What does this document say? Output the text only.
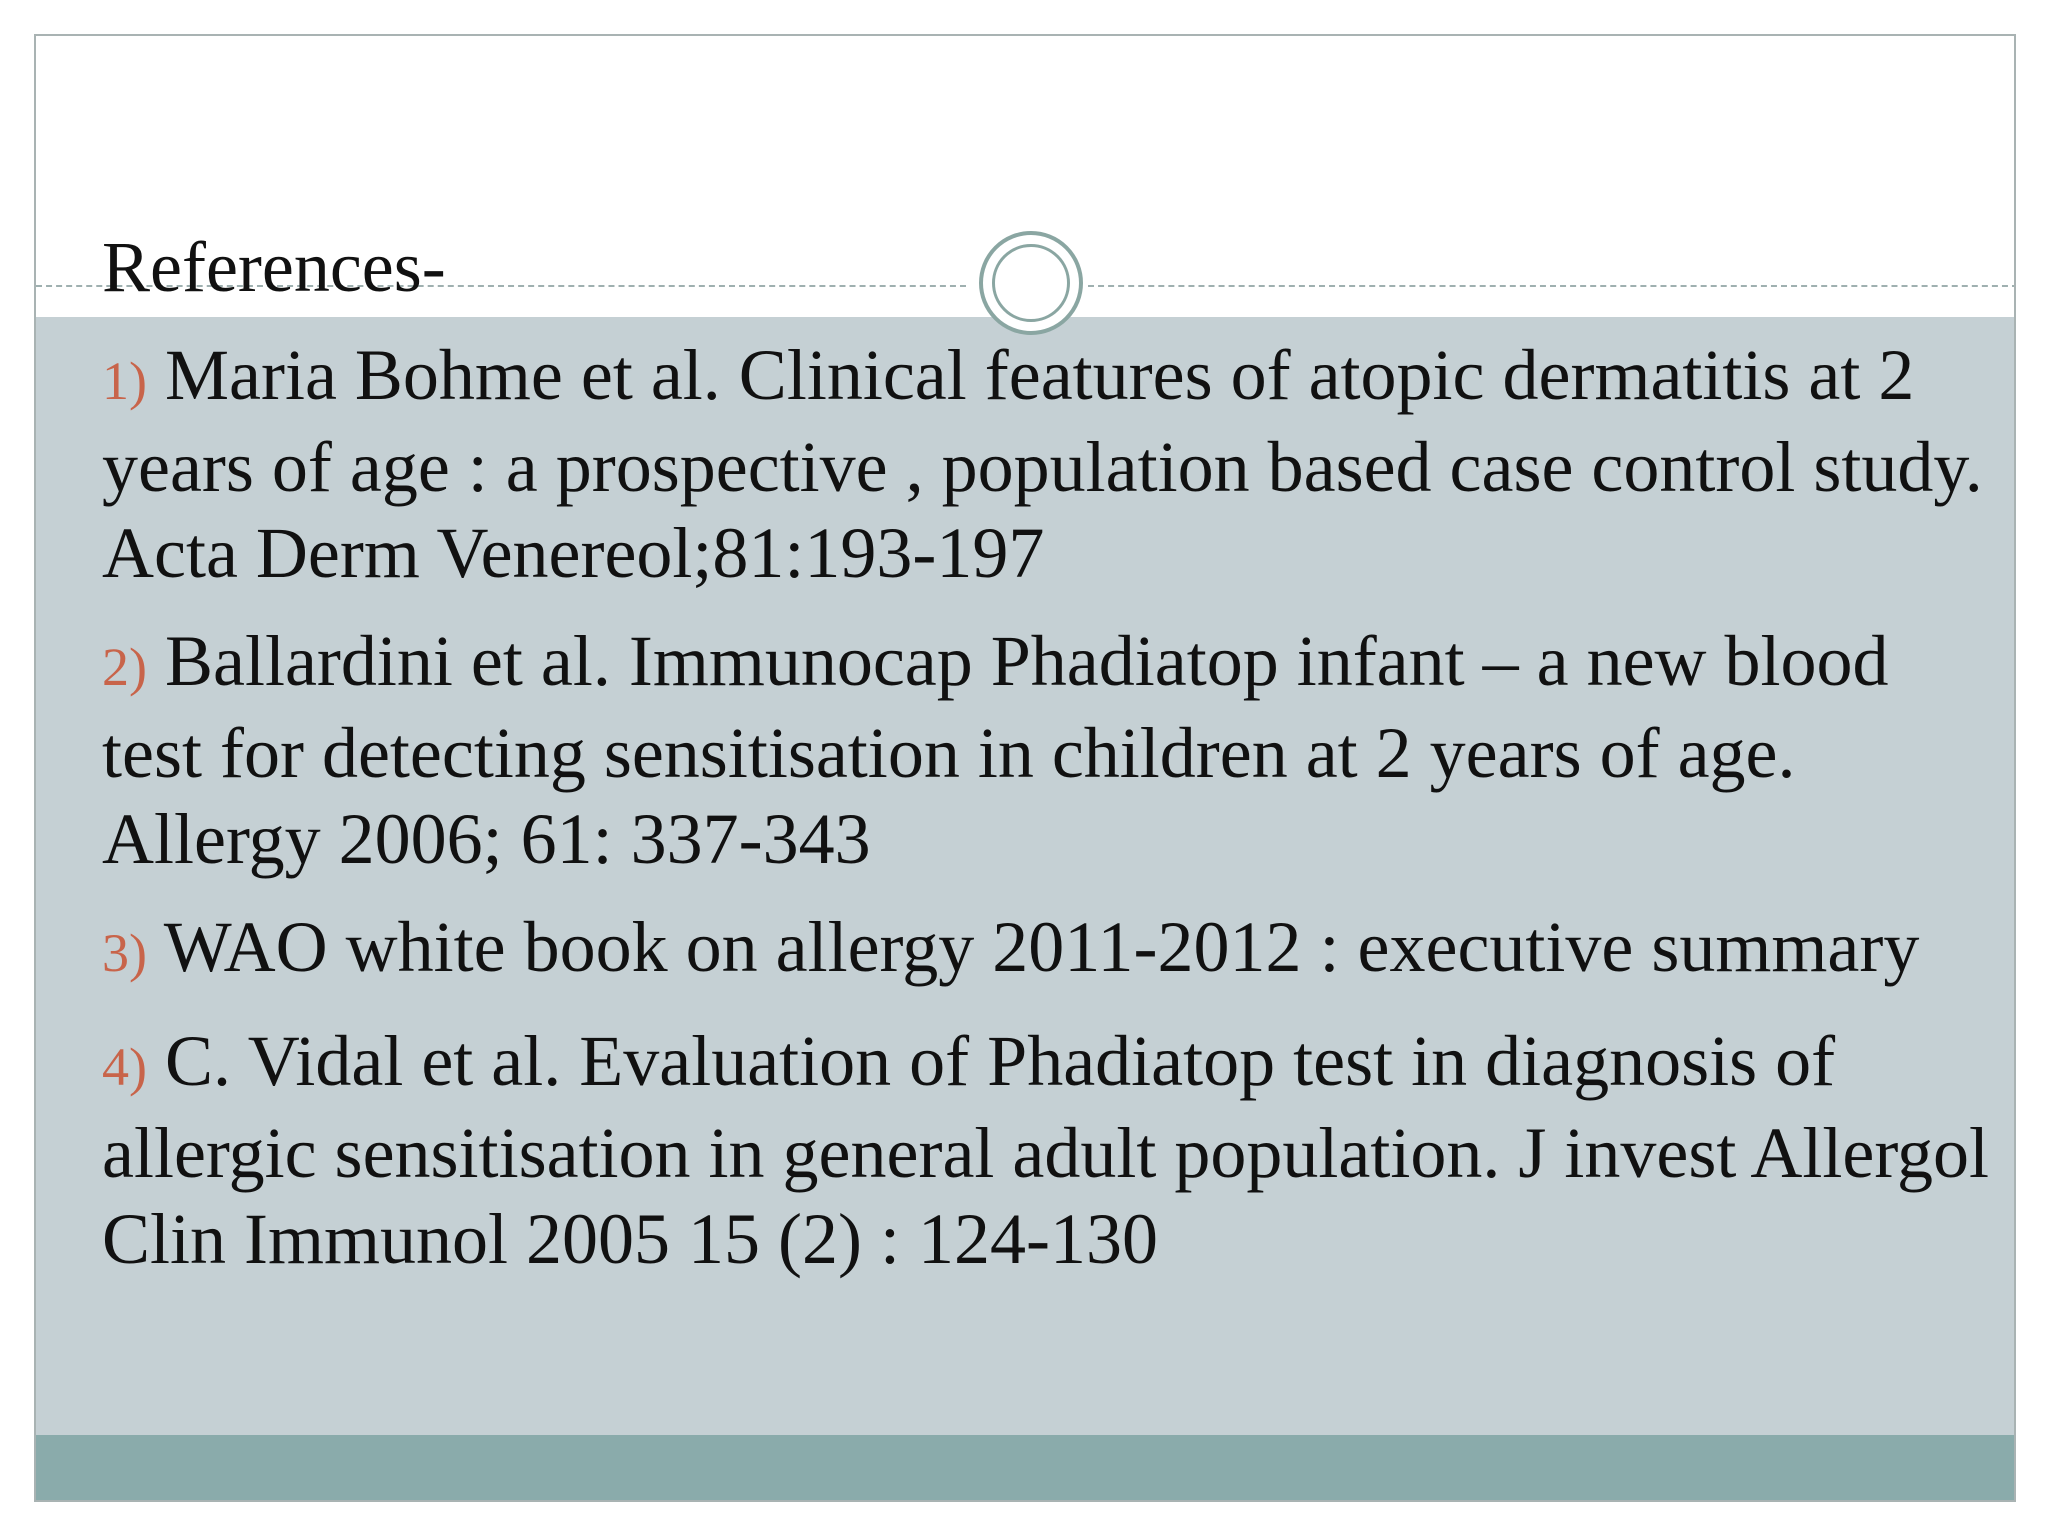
References-
1) Maria Bohme et al. Clinical features of atopic dermatitis at 2 years of age : a prospective , population based case control study. Acta Derm Venereol;81:193-197
2) Ballardini et al. Immunocap Phadiatop infant – a new blood test for detecting sensitisation in children at 2 years of age. Allergy 2006; 61: 337-343
3) WAO white book on allergy 2011-2012 : executive summary
4) C. Vidal et al. Evaluation of Phadiatop test in diagnosis of allergic sensitisation in general adult population. J invest Allergol Clin Immunol 2005 15 (2) : 124-130
